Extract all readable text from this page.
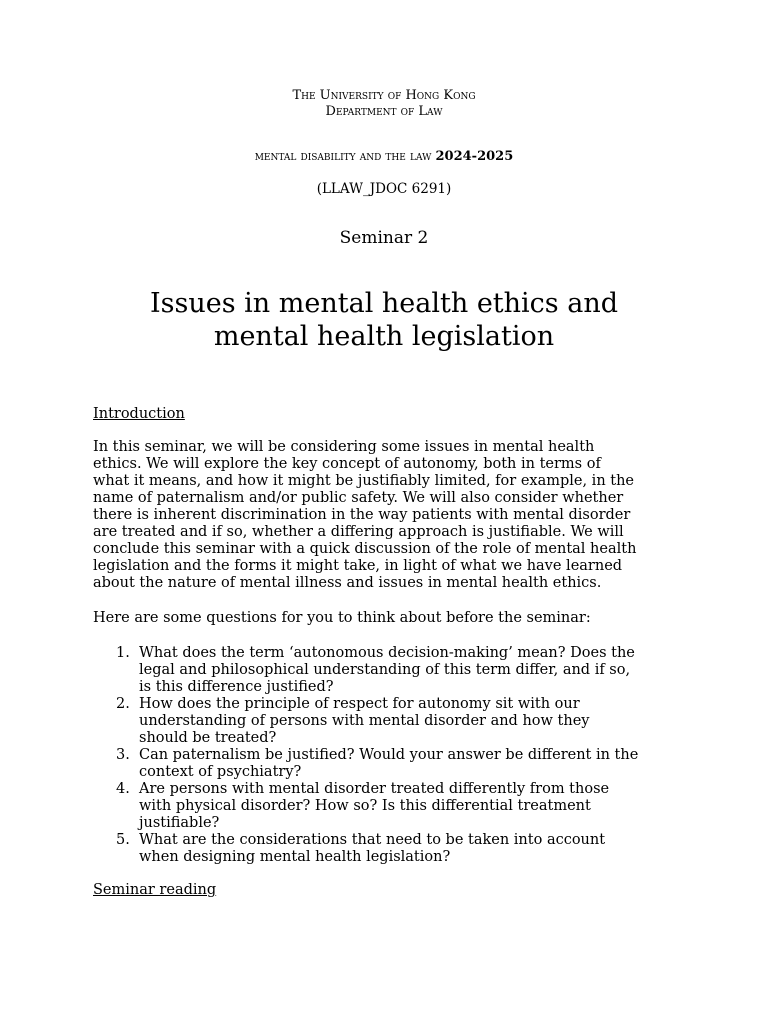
The University of Hong Kong
Department of Law
mental disability and the law 2024-2025
(LLAW_JDOC 6291)
Seminar 2
Issues in mental health ethics and
mental health legislation
Introduction
In this seminar, we will be considering some issues in mental health
ethics. We will explore the key concept of autonomy, both in terms of
what it means, and how it might be justifiably limited, for example, in the
name of paternalism and/or public safety. We will also consider whether
there is inherent discrimination in the way patients with mental disorder
are treated and if so, whether a differing approach is justifiable. We will
conclude this seminar with a quick discussion of the role of mental health
legislation and the forms it might take, in light of what we have learned
about the nature of mental illness and issues in mental health ethics.
Here are some questions for you to think about before the seminar:
1. What does the term ‘autonomous decision-making’ mean? Does the
legal and philosophical understanding of this term differ, and if so,
is this difference justified?
2. How does the principle of respect for autonomy sit with our
understanding of persons with mental disorder and how they
should be treated?
3. Can paternalism be justified? Would your answer be different in the
context of psychiatry?
4. Are persons with mental disorder treated differently from those
with physical disorder? How so? Is this differential treatment
justifiable?
5. What are the considerations that need to be taken into account
when designing mental health legislation?
Seminar reading
